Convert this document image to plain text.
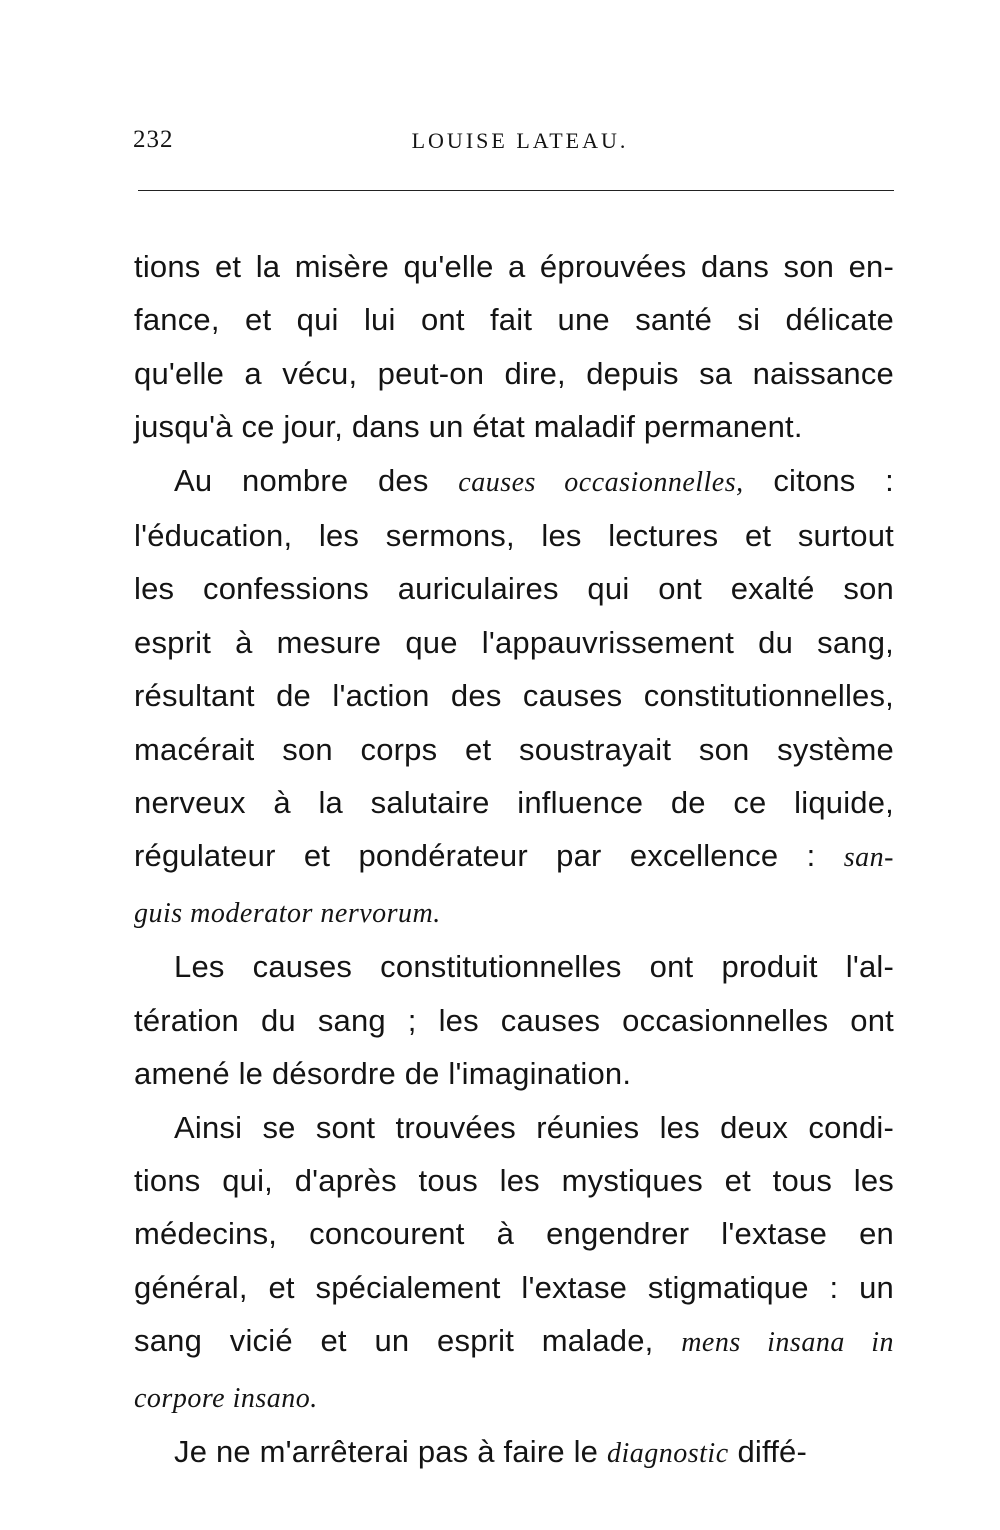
232	LOUISE LATEAU.

tions et la misère qu'elle a éprouvées dans son en-
fance, et qui lui ont fait une santé si délicate
qu'elle a vécu, peut-on dire, depuis sa naissance
jusqu'à ce jour, dans un état maladif permanent.

Au nombre des causes occasionnelles, citons :
l'éducation, les sermons, les lectures et surtout
les confessions auriculaires qui ont exalté son
esprit à mesure que l'appauvrissement du sang,
résultant de l'action des causes constitutionnelles,
macérait son corps et soustrayait son système
nerveux à la salutaire influence de ce liquide,
régulateur et pondérateur par excellence : san-
guis moderator nervorum.

Les causes constitutionnelles ont produit l'al-
tération du sang ; les causes occasionnelles ont
amené le désordre de l'imagination.

Ainsi se sont trouvées réunies les deux condi-
tions qui, d'après tous les mystiques et tous les
médecins, concourent à engendrer l'extase en
général, et spécialement l'extase stigmatique : un
sang vicié et un esprit malade, mens insana in
corpore insano.

Je ne m'arrêterai pas à faire le diagnostic diffé-
